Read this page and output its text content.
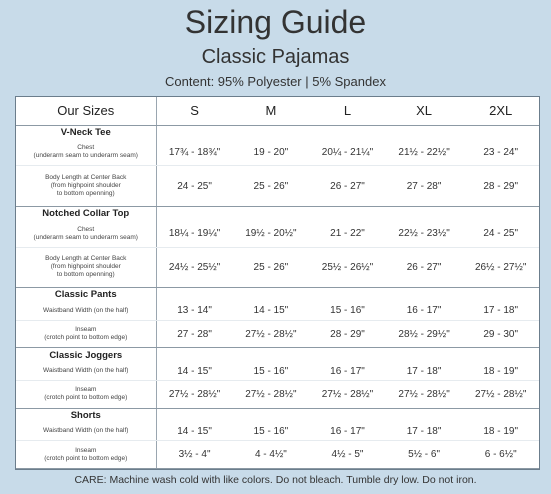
Sizing Guide
Classic Pajamas
Content: 95% Polyester | 5% Spandex
Our Sizes	S	M	L	XL	2XL
V-Neck Tee					

Chest
(underarm seam to underarm seam)	17¾ - 18¾"	19 - 20"	20¼ - 21¼"	21½ - 22½"	23 - 24"

Body Length at Center Back
(from highpoint shoulder
to bottom openning)	24 - 25"	25 - 26"	26 - 27"	27 - 28"	28 - 29"
Notched Collar Top					

Chest
(underarm seam to underarm seam)	18¼ - 19¼"	19½ - 20½"	21 - 22"	22½ - 23½"	24 - 25"

Body Length at Center Back
(from highpoint shoulder
to bottom openning)	24½ - 25½"	25 - 26"	25½ - 26½"	26 - 27"	26½ - 27½"
Classic Pants					

Waistband Width (on the half)	13 - 14"	14 - 15"	15 - 16"	16 - 17"	17 - 18"

Inseam
(crotch point to bottom edge)	27 - 28"	27½ - 28½"	28 - 29"	28½ - 29½"	29 - 30"
Classic Joggers					

Waistband Width (on the half)	14 - 15"	15 - 16"	16 - 17"	17 - 18"	18 - 19"

Inseam
(crotch point to bottom edge)	27½ - 28½"	27½ - 28½"	27½ - 28½"	27½ - 28½"	27½ - 28½"
Shorts					

Waistband Width (on the half)	14 - 15"	15 - 16"	16 - 17"	17 - 18"	18 - 19"

Inseam
(crotch point to bottom edge)	3½ - 4"	4 - 4½"	4½ - 5"	5½ - 6"	6 - 6½"
CARE: Machine wash cold with like colors. Do not bleach. Tumble dry low. Do not iron.
